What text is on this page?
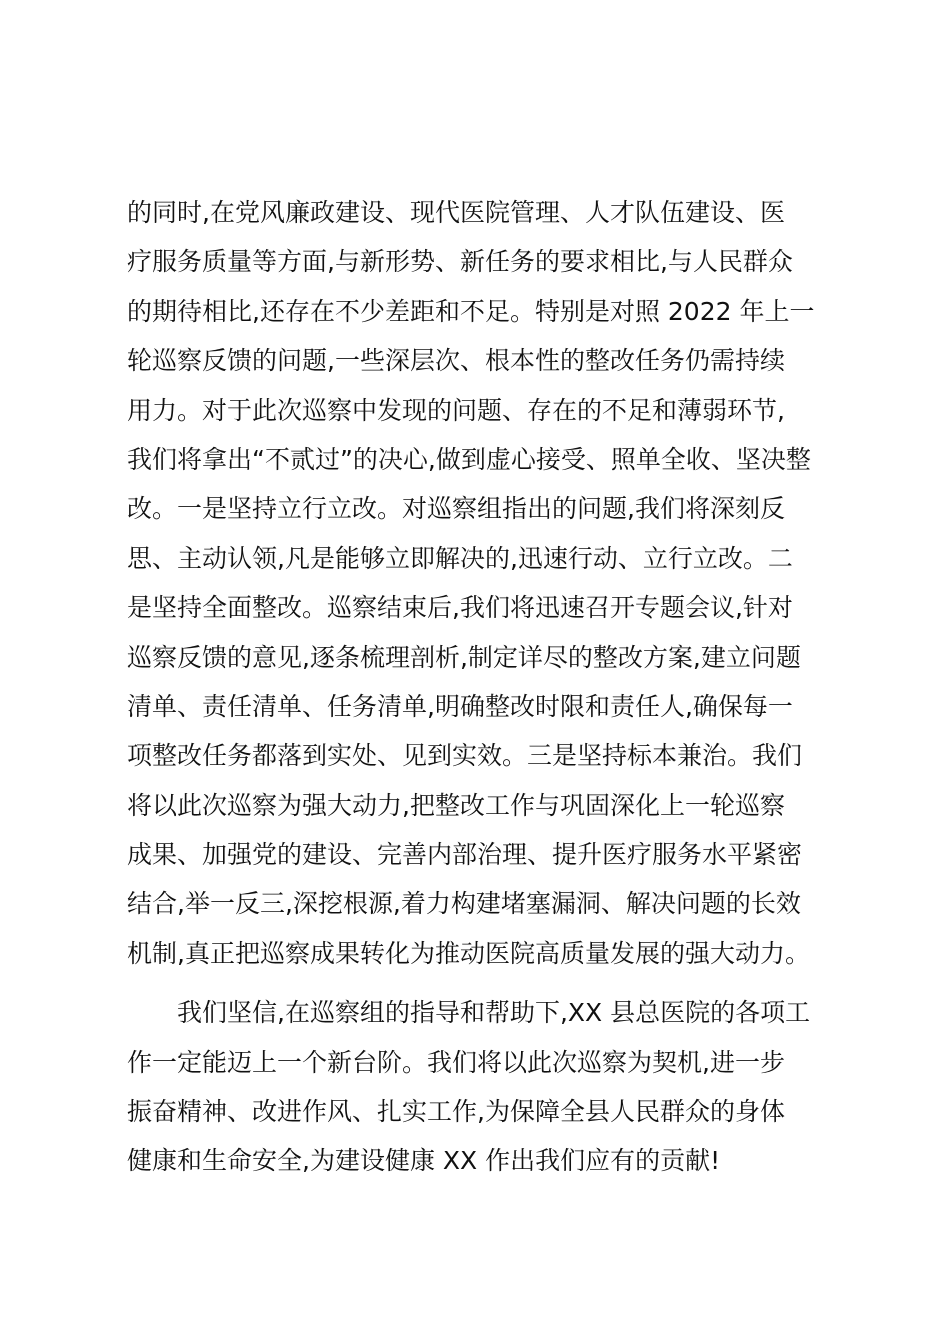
的同时,在党风廉政建设、现代医院管理、人才队伍建设、医
疗服务质量等方面,与新形势、新任务的要求相比,与人民群众
的期待相比,还存在不少差距和不足。特别是对照 2022 年上一
轮巡察反馈的问题,一些深层次、根本性的整改任务仍需持续
用力。对于此次巡察中发现的问题、存在的不足和薄弱环节,
我们将拿出“不贰过”的决心,做到虚心接受、照单全收、坚决整
改。一是坚持立行立改。对巡察组指出的问题,我们将深刻反
思、主动认领,凡是能够立即解决的,迅速行动、立行立改。二
是坚持全面整改。巡察结束后,我们将迅速召开专题会议,针对
巡察反馈的意见,逐条梳理剖析,制定详尽的整改方案,建立问题
清单、责任清单、任务清单,明确整改时限和责任人,确保每一
项整改任务都落到实处、见到实效。三是坚持标本兼治。我们
将以此次巡察为强大动力,把整改工作与巩固深化上一轮巡察
成果、加强党的建设、完善内部治理、提升医疗服务水平紧密
结合,举一反三,深挖根源,着力构建堵塞漏洞、解决问题的长效
机制,真正把巡察成果转化为推动医院高质量发展的强大动力。
我们坚信,在巡察组的指导和帮助下,XX 县总医院的各项工
作一定能迈上一个新台阶。我们将以此次巡察为契机,进一步
振奋精神、改进作风、扎实工作,为保障全县人民群众的身体
健康和生命安全,为建设健康 XX 作出我们应有的贡献!
